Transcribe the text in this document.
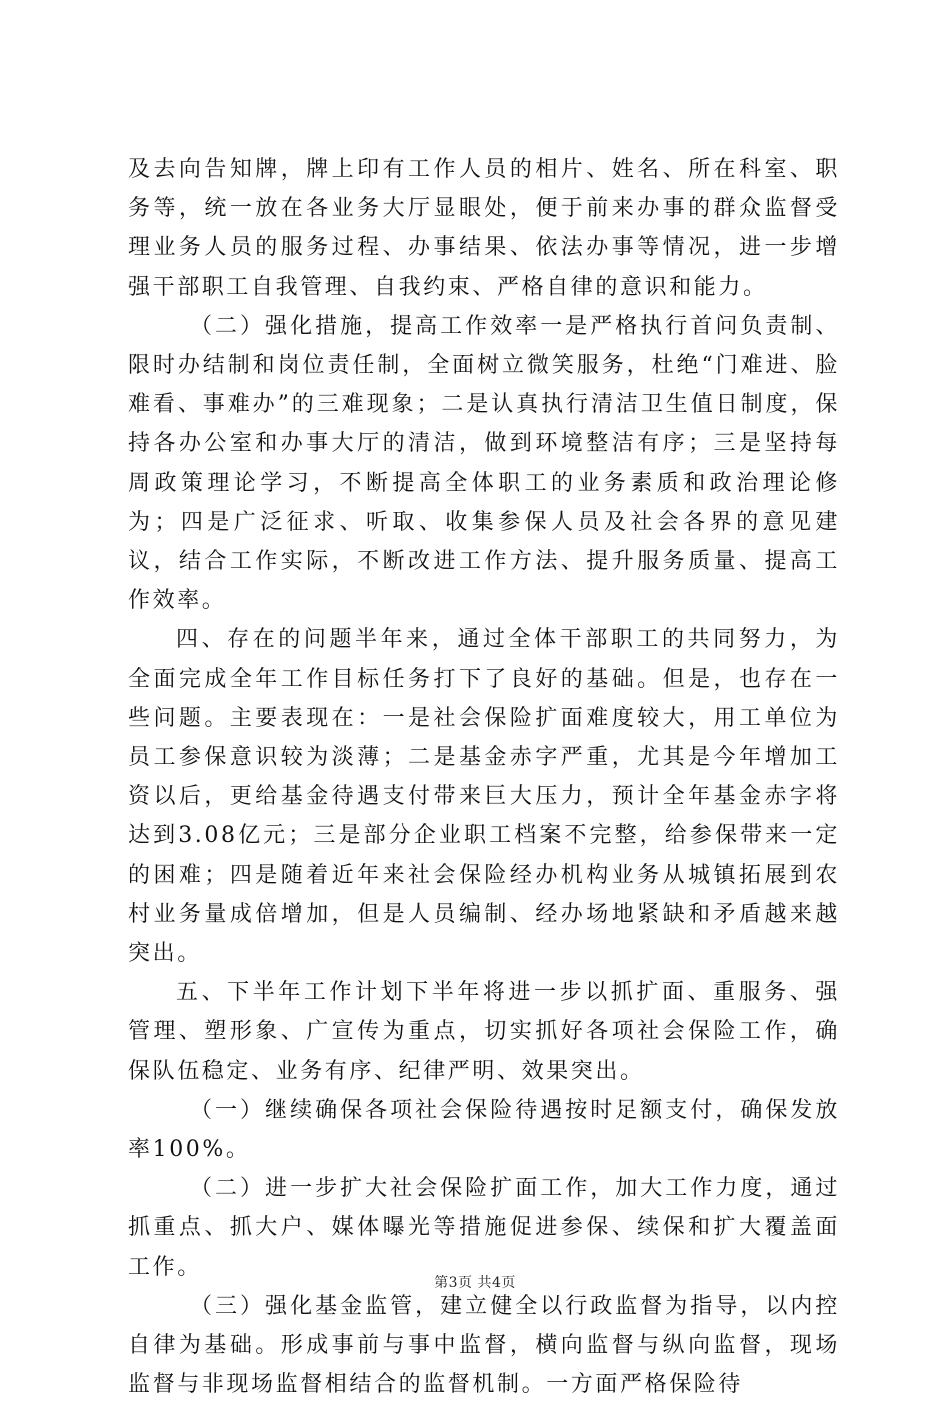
及去向告知牌，牌上印有工作人员的相片、姓名、所在科室、职务等，统一放在各业务大厅显眼处，便于前来办事的群众监督受理业务人员的服务过程、办事结果、依法办事等情况，进一步增强干部职工自我管理、自我约束、严格自律的意识和能力。

（二）强化措施，提高工作效率一是严格执行首问负责制、限时办结制和岗位责任制，全面树立微笑服务，杜绝“门难进、脸难看、事难办”的三难现象；二是认真执行清洁卫生值日制度，保持各办公室和办事大厅的清洁，做到环境整洁有序；三是坚持每周政策理论学习，不断提高全体职工的业务素质和政治理论修为；四是广泛征求、听取、收集参保人员及社会各界的意见建议，结合工作实际，不断改进工作方法、提升服务质量、提高工作效率。

四、存在的问题半年来，通过全体干部职工的共同努力，为全面完成全年工作目标任务打下了良好的基础。但是，也存在一些问题。主要表现在：一是社会保险扩面难度较大，用工单位为员工参保意识较为淡薄；二是基金赤字严重，尤其是今年增加工资以后，更给基金待遇支付带来巨大压力，预计全年基金赤字将达到3.08亿元；三是部分企业职工档案不完整，给参保带来一定的困难；四是随着近年来社会保险经办机构业务从城镇拓展到农村业务量成倍增加，但是人员编制、经办场地紧缺和矛盾越来越突出。

五、下半年工作计划下半年将进一步以抓扩面、重服务、强管理、塑形象、广宣传为重点，切实抓好各项社会保险工作，确保队伍稳定、业务有序、纪律严明、效果突出。

（一）继续确保各项社会保险待遇按时足额支付，确保发放率100%。

（二）进一步扩大社会保险扩面工作，加大工作力度，通过抓重点、抓大户、媒体曝光等措施促进参保、续保和扩大覆盖面工作。

（三）强化基金监管，建立健全以行政监督为指导，以内控自律为基础。形成事前与事中监督，横向监督与纵向监督，现场监督与非现场监督相结合的监督机制。一方面严格保险待

第3页 共4页
